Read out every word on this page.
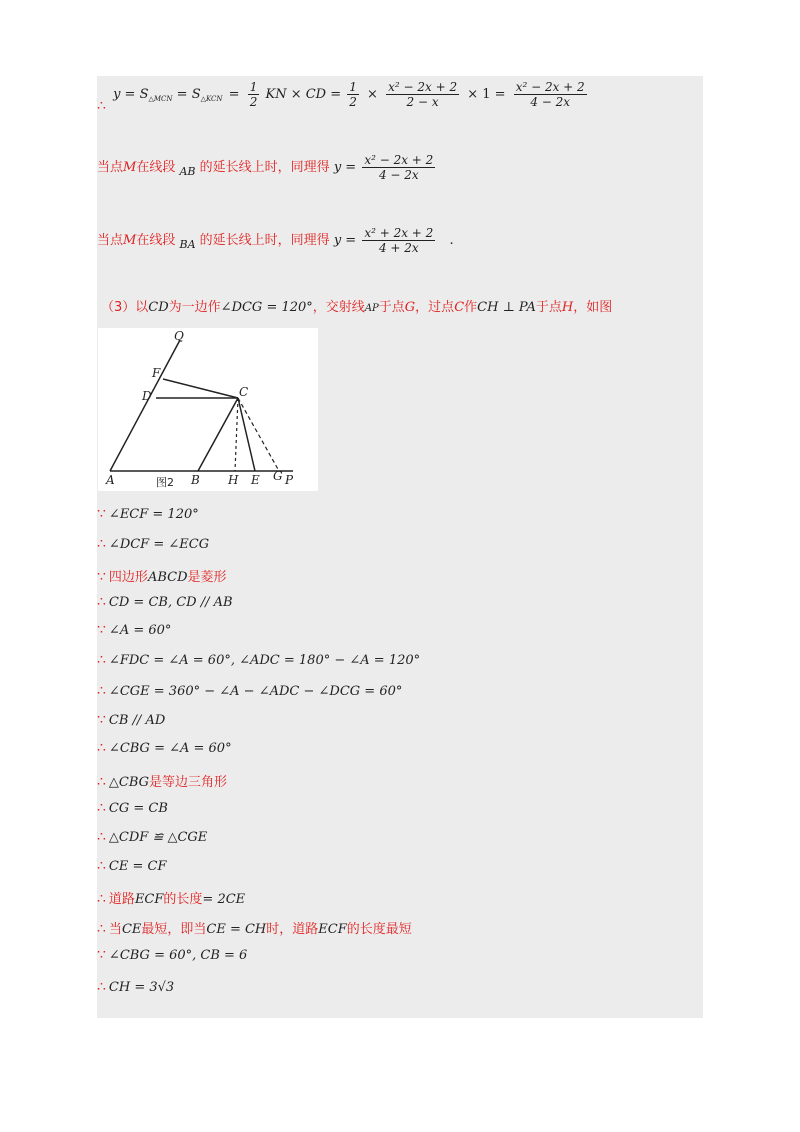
∴ $y = S_{\triangle MCN} = S_{\triangle KCN} = \frac{1}{2}$ KN × CD = $\frac{1}{2} \times \frac{\text{x² − 2x + 2}}{2 - x} \times 1 = \frac{\text{x² − 2x + 2}}{4 - 2x}$
当点M在线段 $_{AB}$ 的延长线上时，同理得 $y = \frac{\text{x² − 2x + 2}}{4 - 2x}$
当点M在线段 $_{BA}$ 的延长线上时，同理得 $y = \frac{\text{x² + 2x + 2}}{4 + 2x}$ .
（3）以CD为一边作∠DCG = 120°，交射线AP于点G，过点C作CH ⊥ PA于点H，如图
Q
F
C
D
A	B H E G P
图2
∵ ∠ECF = 120°
∴ ∠DCF = ∠ECG
∵ 四边形ABCD是菱形
∴ CD = CB, CD // AB
∵ ∠A = 60°
∴ ∠FDC = ∠A = 60°, ∠ADC = 180° − ∠A = 120°
∴ ∠CGE = 360° − ∠A − ∠ADC − ∠DCG = 60°
∵ CB // AD
∴ ∠CBG = ∠A = 60°
∴ △CBG是等边三角形
∴ CG = CB
∴ △CDF ≌ △CGE
∴ CE = CF
∴ 道路ECF的长度= 2CE
∴ 当CE最短，即当CE = CH时，道路ECF的长度最短
∵ ∠CBG = 60°, CB = 6
∴ CH = 3√3
